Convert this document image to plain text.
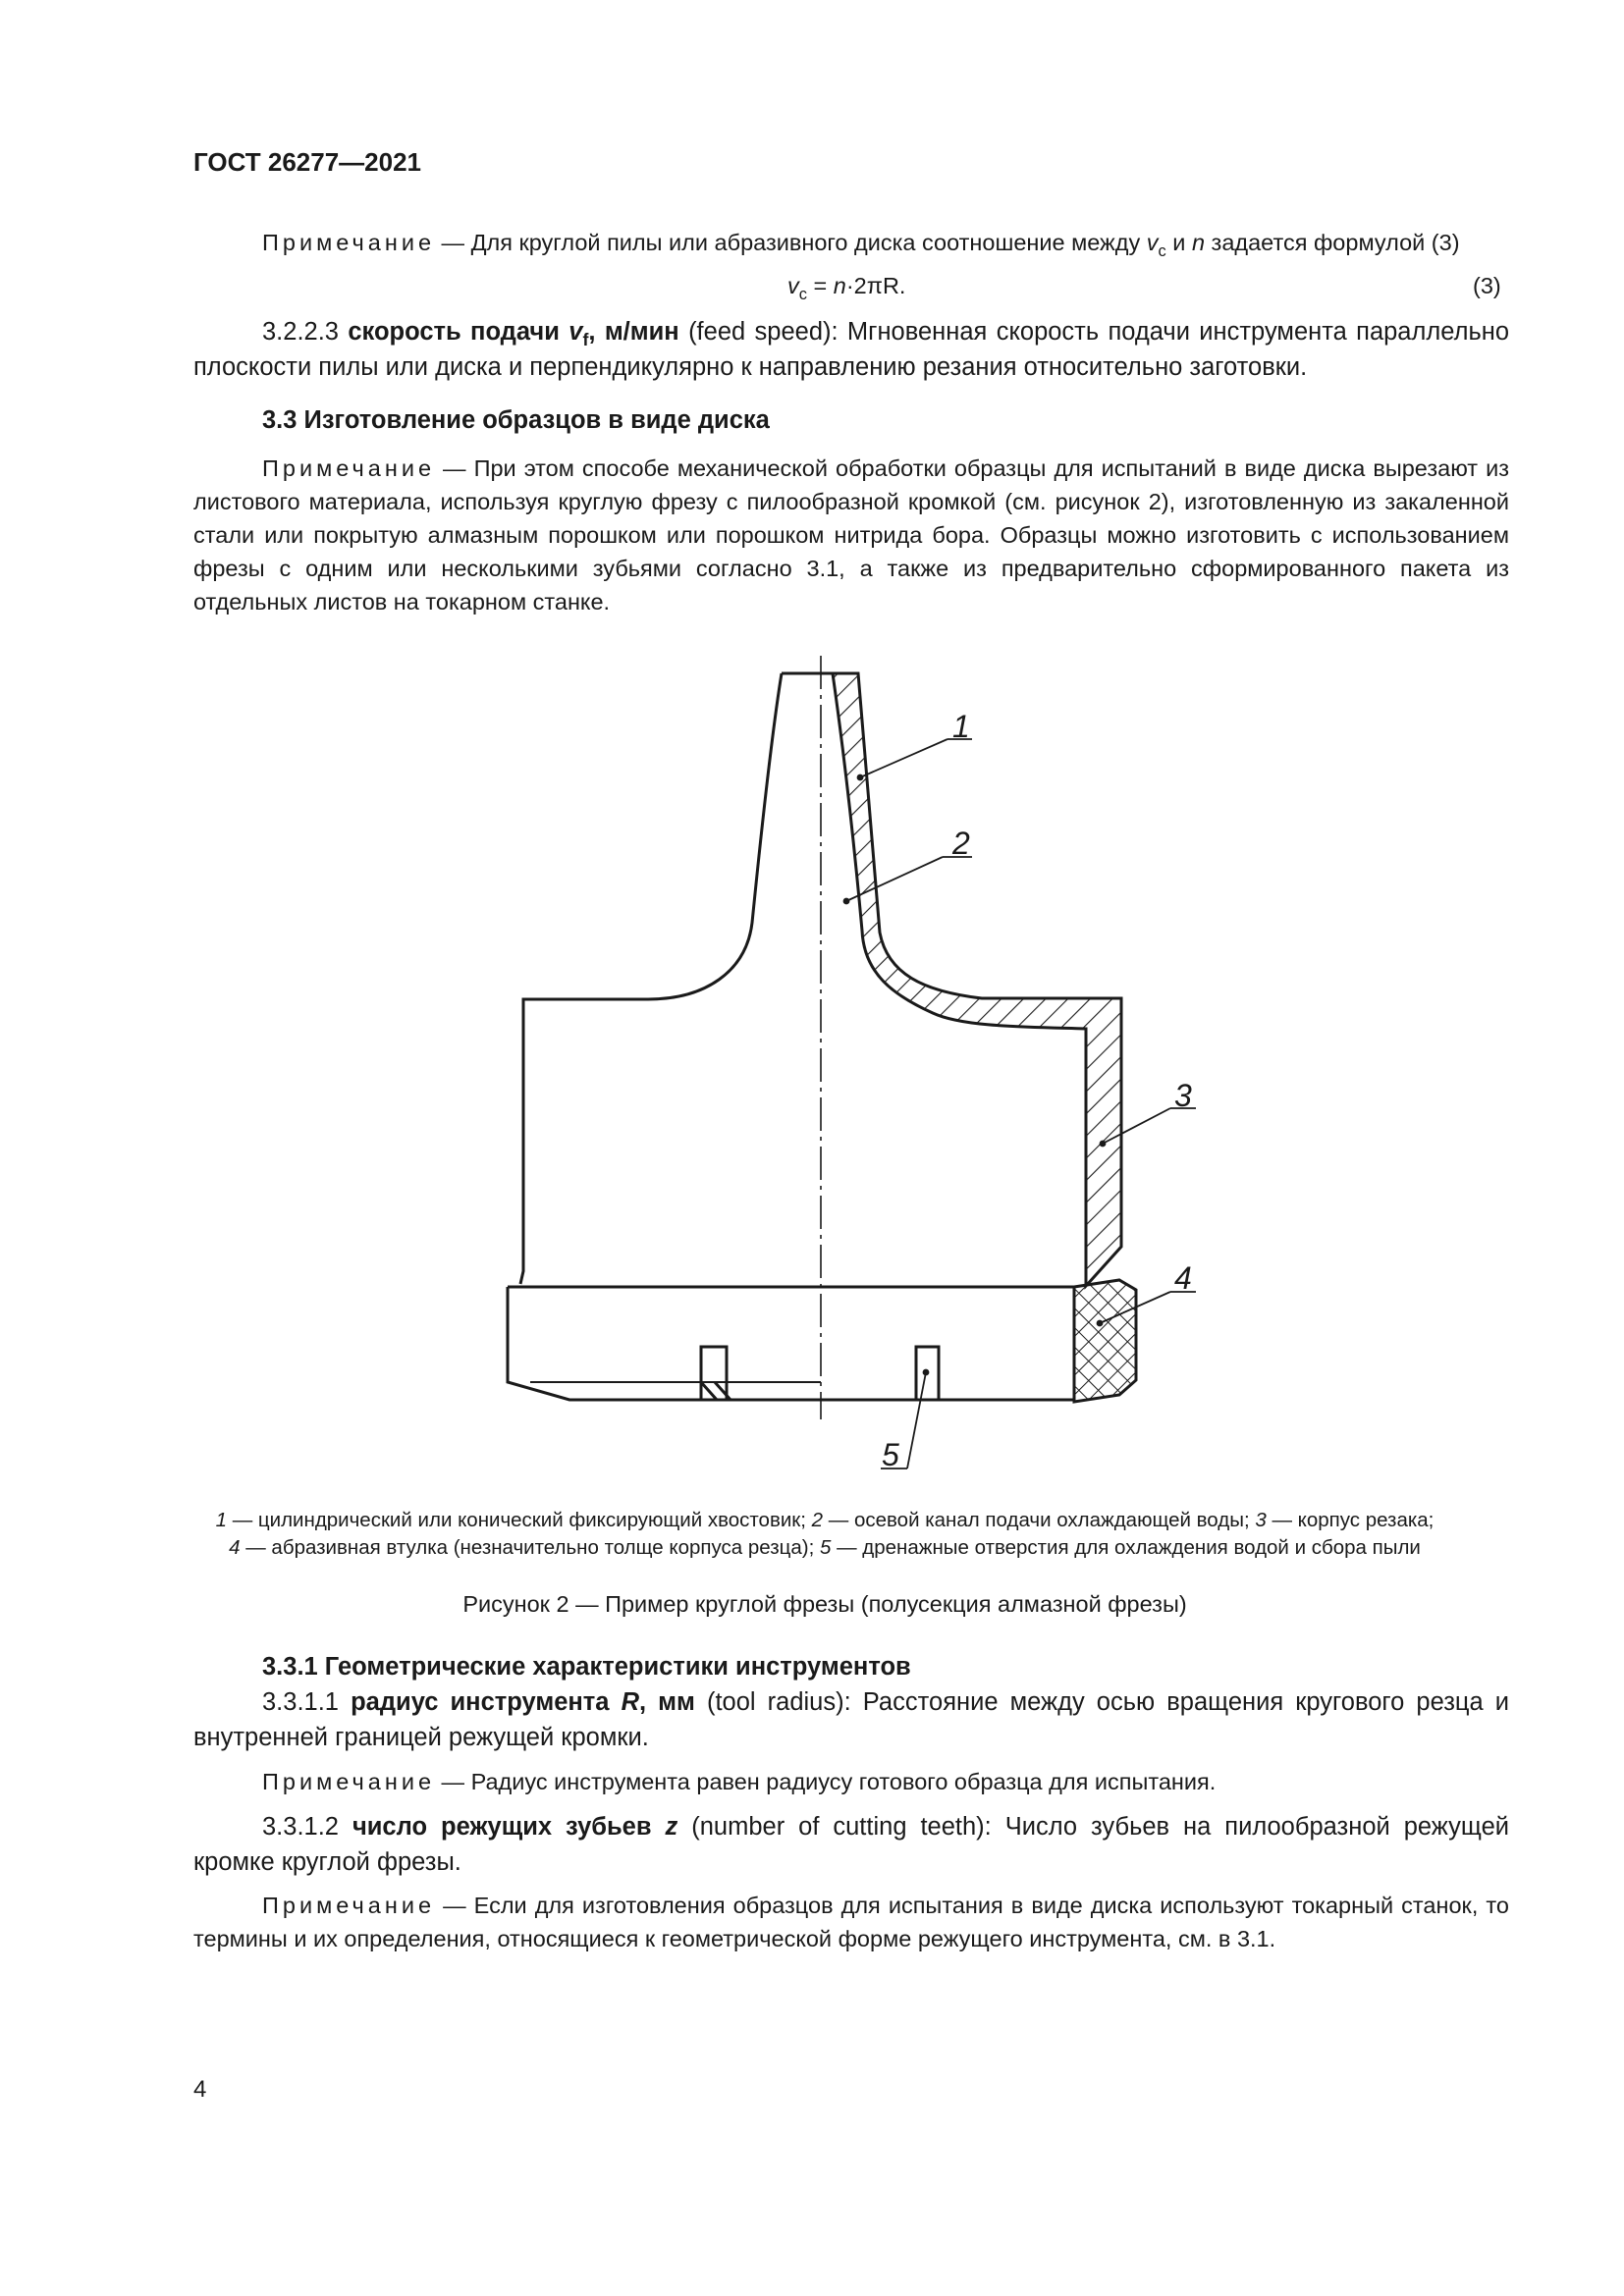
ГОСТ 26277—2021
Примечание — Для круглой пилы или абразивного диска соотношение между $v_c$ и n задается формулой (3)
$v_c = n\cdot 2\pi R$.	(3)
3.2.2.3 скорость подачи $v_f$, м/мин (feed speed): Мгновенная скорость подачи инструмента параллельно плоскости пилы или диска и перпендикулярно к направлению резания относительно заготовки.
3.3 Изготовление образцов в виде диска
Примечание — При этом способе механической обработки образцы для испытаний в виде диска вырезают из листового материала, используя круглую фрезу с пилообразной кромкой (см. рисунок 2), изготовленную из закаленной стали или покрытую алмазным порошком или порошком нитрида бора. Образцы можно изготовить с использованием фрезы с одним или несколькими зубьями согласно 3.1, а также из предварительно сформированного пакета из отдельных листов на токарном станке.
1
2
3
4
5
1 — цилиндрический или конический фиксирующий хвостовик; 2 — осевой канал подачи охлаждающей воды; 3 — корпус резака;
4 — абразивная втулка (незначительно толще корпуса резца); 5 — дренажные отверстия для охлаждения водой и сбора пыли
Рисунок 2 — Пример круглой фрезы (полусекция алмазной фрезы)
3.3.1 Геометрические характеристики инструментов
3.3.1.1 радиус инструмента R, мм (tool radius): Расстояние между осью вращения кругового резца и внутренней границей режущей кромки.
Примечание — Радиус инструмента равен радиусу готового образца для испытания.
3.3.1.2 число режущих зубьев z (number of cutting teeth): Число зубьев на пилообразной режущей кромке круглой фрезы.
Примечание — Если для изготовления образцов для испытания в виде диска используют токарный станок, то термины и их определения, относящиеся к геометрической форме режущего инструмента, см. в 3.1.
4
